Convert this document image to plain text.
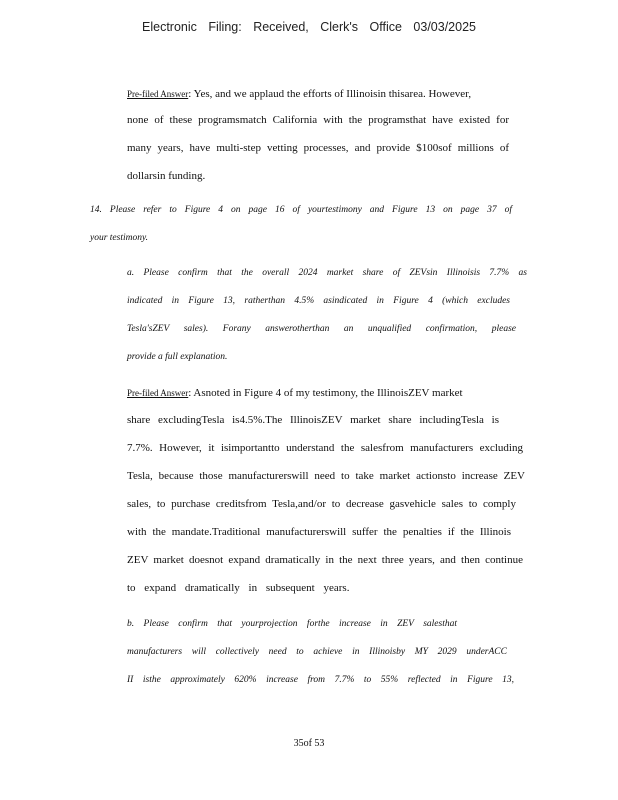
Electronic Filing: Received, Clerk's Office 03/03/2025
Pre-filed Answer: Yes, and we applaud the efforts of Illinoisin thisarea. However,
none of these programsmatch California with the programsthat have existed for
many years, have multi-step vetting processes, and provide $100sof millions of
dollarsin funding.
14. Please refer to Figure 4 on page 16 of yourtestimony and Figure 13 on page 37 of
your testimony.
a. Please confirm that the overall 2024 market share of ZEVsin Illinoisis 7.7% as
indicated in Figure 13, ratherthan 4.5% asindicated in Figure 4 (which excludes
Tesla'sZEV sales). Forany answerotherthan an unqualified confirmation, please
provide a full explanation.
Pre-filed Answer: Asnoted in Figure 4 of my testimony, the IllinoisZEV market
share excludingTesla is4.5%.The IllinoisZEV market share includingTesla is
7.7%. However, it isimportantto understand the salesfrom manufacturers excluding
Tesla, because those manufacturerswill need to take market actionsto increase ZEV
sales, to purchase creditsfrom Tesla,and/or to decrease gasvehicle sales to comply
with the mandate.Traditional manufacturerswill suffer the penalties if the Illinois
ZEV market doesnot expand dramatically in the next three years, and then continue
to expand dramatically in subsequent years.
b. Please confirm that yourprojection forthe increase in ZEV salesthat
manufacturers will collectively need to achieve in Illinoisby MY 2029 underACC
II isthe approximately 620% increase from 7.7% to 55% reflected in Figure 13,
35of 53
